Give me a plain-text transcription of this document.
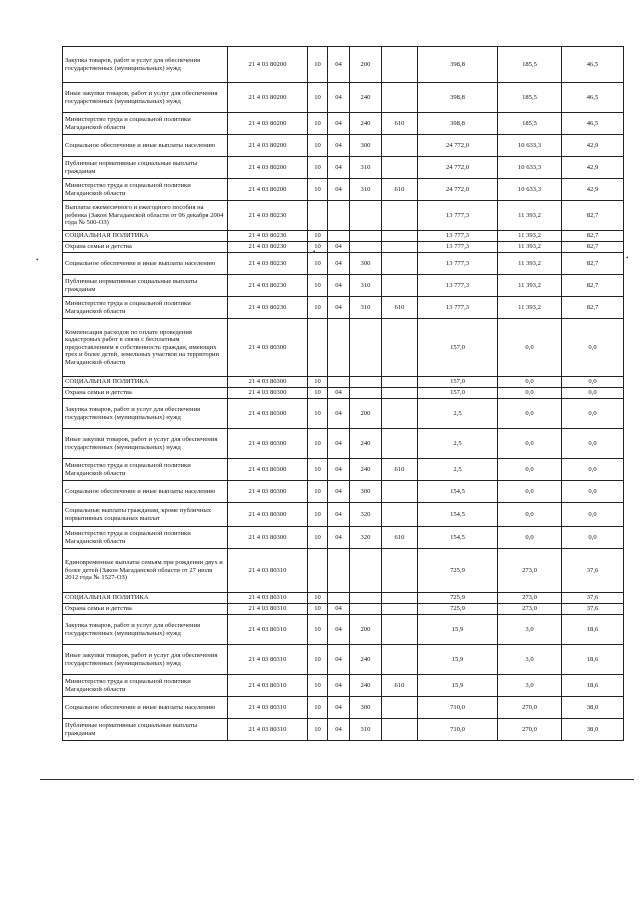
Закупка товаров, работ и услуг для обеспечения государственных (муниципальных) нужд	21 4 03 80200	10	04	200		398,8	185,5	46,5
Иные закупки товаров, работ и услуг для обеспечения государственных (муниципальных) нужд	21 4 03 80200	10	04	240		398,8	185,5	46,5
Министерство труда и социальной политики Магаданской области	21 4 03 80200	10	04	240	610	398,8	185,5	46,5
Социальное обеспечение и иные выплаты населению	21 4 03 80200	10	04	300		24 772,0	10 633,3	42,9
Публичные нормативные социальные выплаты гражданам	21 4 03 80200	10	04	310		24 772,0	10 633,3	42,9
Министерство труда и социальной политики Магаданской области	21 4 03 80200	10	04	310	610	24 772,0	10 633,3	42,9
Выплаты ежемесячного и ежегодного пособия на ребенка (Закон Магаданской области от 06 декабря 2004 года № 500-ОЗ)	21 4 03 80230					13 777,3	11 393,2	82,7
СОЦИАЛЬНАЯ ПОЛИТИКА	21 4 03 80230	10				13 777,3	11 393,2	82,7
Охрана семьи и детства	21 4 03 80230	10	04			13 777,3	11 393,2	82,7
Социальное обеспечение и иные выплаты населению	21 4 03 80230	10	04	300		13 777,3	11 393,2	82,7
Публичные нормативные социальные выплаты гражданам	21 4 03 80230	10	04	310		13 777,3	11 393,2	82,7
Министерство труда и социальной политики Магаданской области	21 4 03 80230	10	04	310	610	13 777,3	11 393,2	82,7
Компенсация расходов по оплате проведения кадастровых работ в связи с бесплатным предоставлением в собственность граждан, имеющих трех и более детей, земельных участков на территории Магаданской области	21 4 03 80300					157,0	0,0	0,0
СОЦИАЛЬНАЯ ПОЛИТИКА	21 4 03 80300	10				157,0	0,0	0,0
Охрана семьи и детства	21 4 03 80300	10	04			157,0	0,0	0,0
Закупка товаров, работ и услуг для обеспечения государственных (муниципальных) нужд	21 4 03 80300	10	04	200		2,5	0,0	0,0
Иные закупки товаров, работ и услуг для обеспечения государственных (муниципальных) нужд	21 4 03 80300	10	04	240		2,5	0,0	0,0
Министерство труда и социальной политики Магаданской области	21 4 03 80300	10	04	240	610	2,5	0,0	0,0
Социальное обеспечение и иные выплаты населению	21 4 03 80300	10	04	300		154,5	0,0	0,0
Социальные выплаты гражданам, кроме публичных нормативных социальных выплат	21 4 03 80300	10	04	320		154,5	0,0	0,0
Министерство труда и социальной политики Магаданской области	21 4 03 80300	10	04	320	610	154,5	0,0	0,0
Единовременные выплаты семьям при рождении двух и более детей (Закон Магаданской области от 27 июля 2012 года № 1527-ОЗ)	21 4 03 80310					725,9	273,0	37,6
СОЦИАЛЬНАЯ ПОЛИТИКА	21 4 03 80310	10				725,9	273,0	37,6
Охрана семьи и детства	21 4 03 80310	10	04			725,9	273,0	37,6
Закупка товаров, работ и услуг для обеспечения государственных (муниципальных) нужд	21 4 03 80310	10	04	200		15,9	3,0	18,6
Иные закупки товаров, работ и услуг для обеспечения государственных (муниципальных) нужд	21 4 03 80310	10	04	240		15,9	3,0	18,6
Министерство труда и социальной политики Магаданской области	21 4 03 80310	10	04	240	610	15,9	3,0	18,6
Социальное обеспечение и иные выплаты населению	21 4 03 80310	10	04	300		710,0	270,0	38,0
Публичные нормативные социальные выплаты гражданам	21 4 03 80310	10	04	310		710,0	270,0	38,0
•
•
•
